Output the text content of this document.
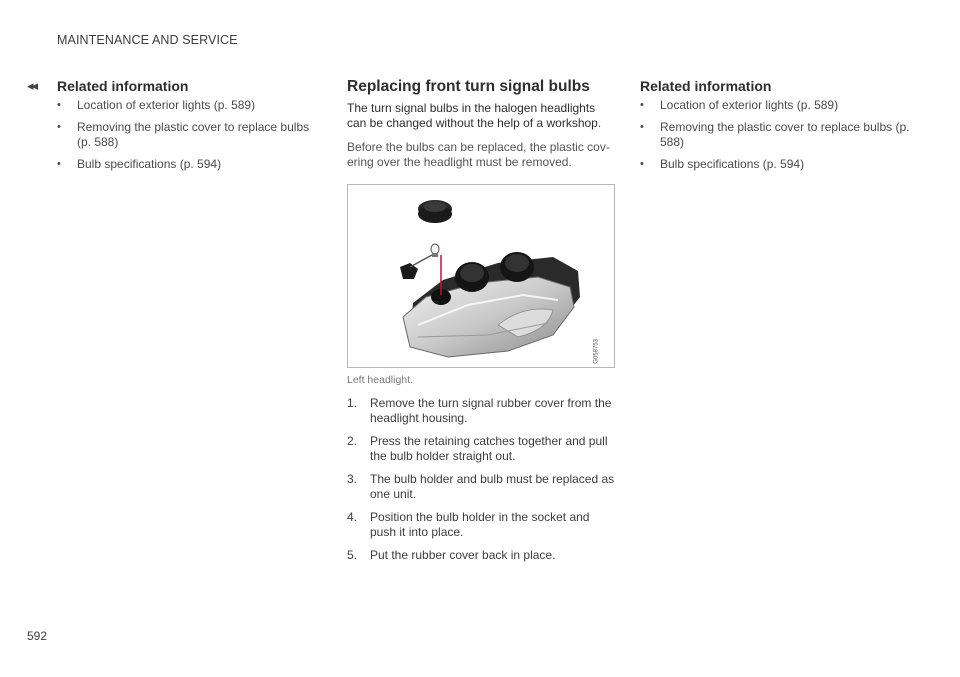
MAINTENANCE AND SERVICE
◂◂ Related information
• Location of exterior lights (p. 589)
• Removing the plastic cover to replace bulbs (p. 588)
• Bulb specifications (p. 594)
Replacing front turn signal bulbs

The turn signal bulbs in the halogen headlights can be changed without the help of a workshop.

Before the bulbs can be replaced, the plastic cov- ering over the headlight must be removed.

G058753
Left headlight.
1. Remove the turn signal rubber cover from the headlight housing.
2. Press the retaining catches together and pull the bulb holder straight out.
3. The bulb holder and bulb must be replaced as one unit.
4. Position the bulb holder in the socket and push it into place.
5. Put the rubber cover back in place.
Related information
• Location of exterior lights (p. 589)
• Removing the plastic cover to replace bulbs (p. 588)
• Bulb specifications (p. 594)
592
